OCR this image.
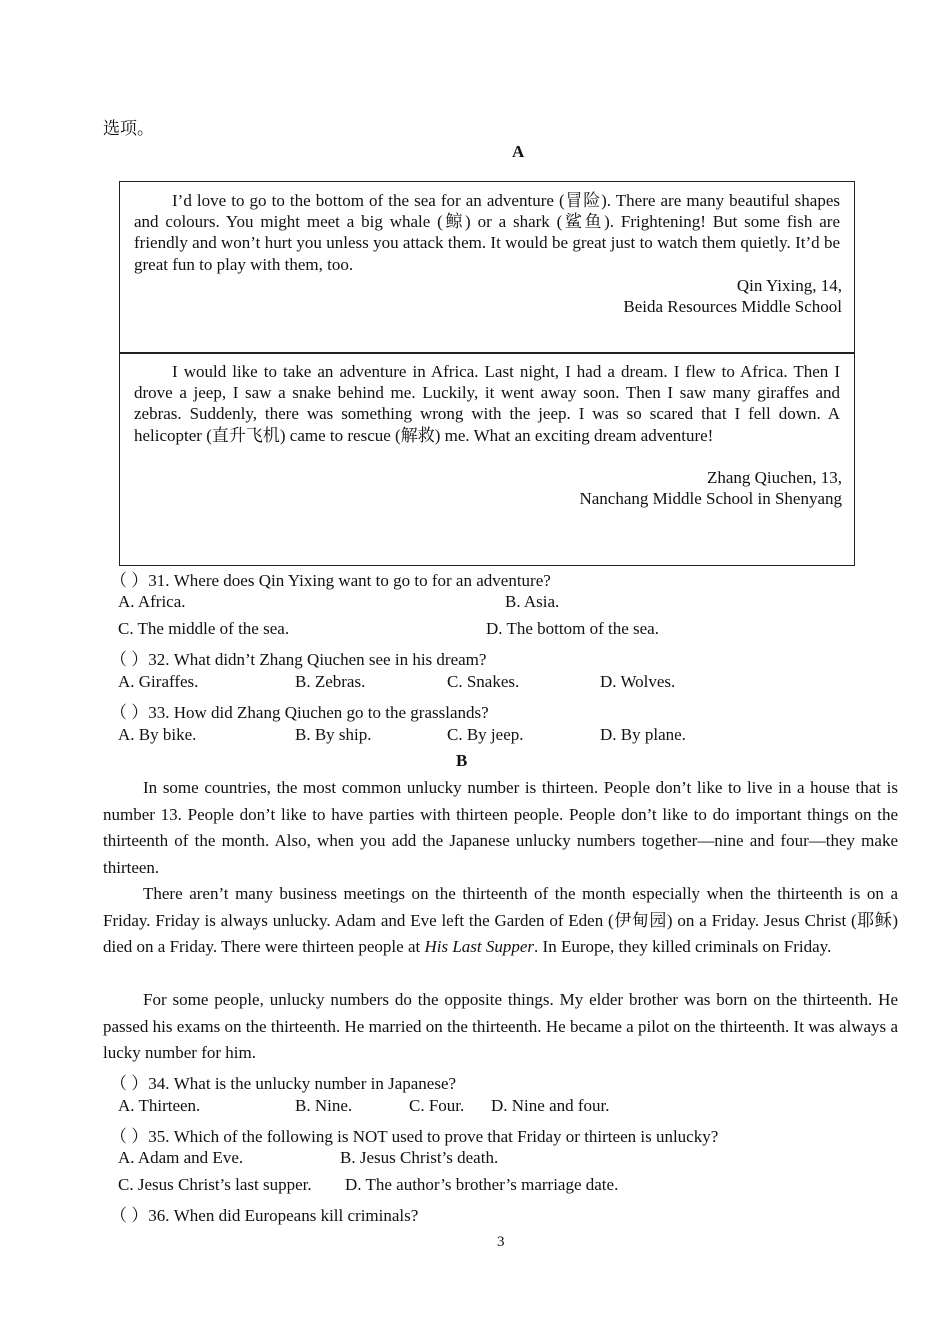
选项。
A
I’d love to go to the bottom of the sea for an adventure (冒险). There are many beautiful shapes and colours. You might meet a big whale (鲸) or a shark (鲨鱼). Frightening! But some fish are friendly and won’t hurt you unless you attack them. It would be great just to watch them quietly. It’d be great fun to play with them, too.
Qin Yixing, 14,
Beida Resources Middle School
I would like to take an adventure in Africa. Last night, I had a dream. I flew to Africa. Then I drove a jeep, I saw a snake behind me. Luckily, it went away soon. Then I saw many giraffes and zebras. Suddenly, there was something wrong with the jeep. I was so scared that I fell down. A helicopter (直升飞机) came to rescue (解救) me. What an exciting dream adventure!
Zhang Qiuchen, 13,
Nanchang Middle School in Shenyang
（ ）31. Where does Qin Yixing want to go to for an adventure?
A. Africa.	B. Asia.
C. The middle of the sea.	D. The bottom of the sea.
（ ）32. What didn’t Zhang Qiuchen see in his dream?
A. Giraffes.	B. Zebras.	C. Snakes.	D. Wolves.
（ ）33. How did Zhang Qiuchen go to the grasslands?
A. By bike.	B. By ship.	C. By jeep.	D. By plane.
B
In some countries, the most common unlucky number is thirteen. People don’t like to live in a house that is number 13. People don’t like to have parties with thirteen people. People don’t like to do important things on the thirteenth of the month. Also, when you add the Japanese unlucky numbers together—nine and four—they make thirteen.
There aren’t many business meetings on the thirteenth of the month especially when the thirteenth is on a Friday. Friday is always unlucky. Adam and Eve left the Garden of Eden (伊甸园) on a Friday. Jesus Christ (耶稣) died on a Friday. There were thirteen people at His Last Supper. In Europe, they killed criminals on Friday.
For some people, unlucky numbers do the opposite things. My elder brother was born on the thirteenth. He passed his exams on the thirteenth. He married on the thirteenth. He became a pilot on the thirteenth. It was always a lucky number for him.
（ ）34. What is the unlucky number in Japanese?
A. Thirteen.	B. Nine.	C. Four. D. Nine and four.
（ ）35. Which of the following is NOT used to prove that Friday or thirteen is unlucky?
A. Adam and Eve.	B. Jesus Christ’s death.
C. Jesus Christ’s last supper. D. The author’s brother’s marriage date.
（ ）36. When did Europeans kill criminals?
3
